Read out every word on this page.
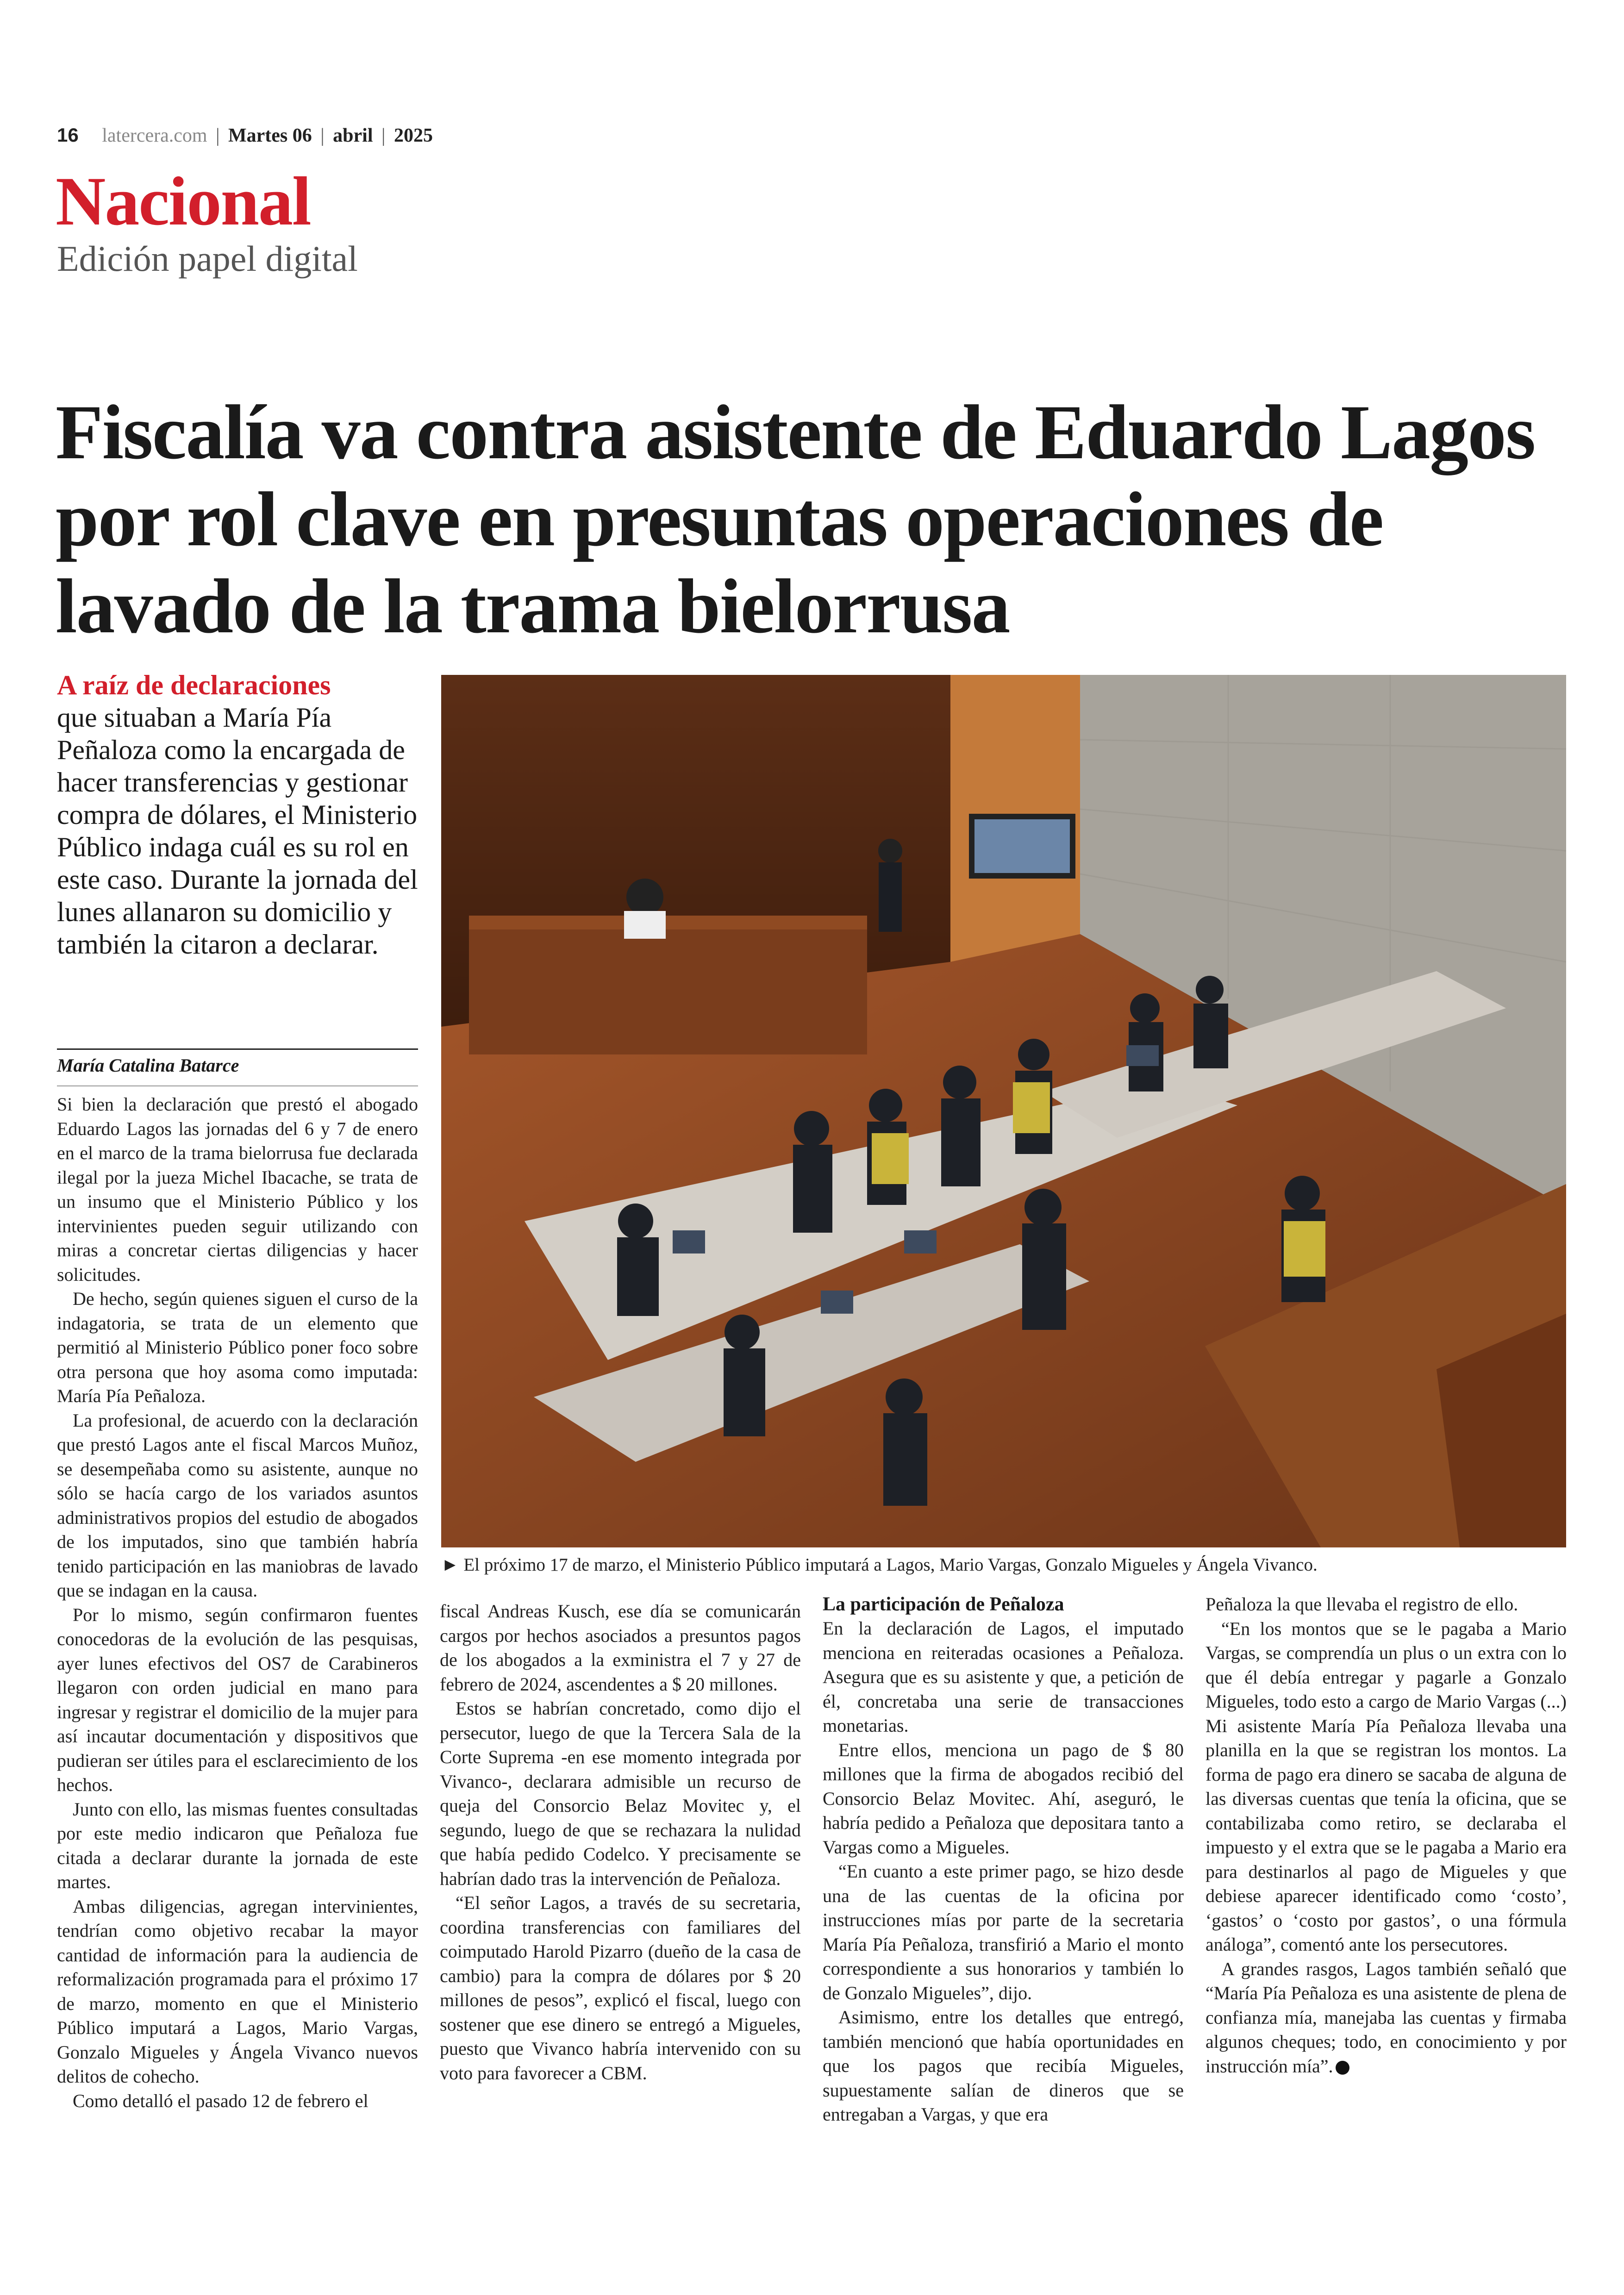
16 latercera.com | Martes 06 | abril | 2025
Nacional
Edición papel digital
Fiscalía va contra asistente de Eduardo Lagos por rol clave en presuntas operaciones de lavado de la trama bielorrusa
A raíz de declaraciones
que situaban a María Pía Peñaloza como la encargada de hacer transferencias y gestionar compra de dólares, el Ministerio Público indaga cuál es su rol en este caso. Durante la jornada del lunes allanaron su domicilio y también la citaron a declarar.
María Catalina Batarce

Si bien la declaración que prestó el abogado Eduardo Lagos las jornadas del 6 y 7 de enero en el marco de la trama bielorrusa fue declarada ilegal por la jueza Michel Ibacache, se trata de un insumo que el Ministerio Público y los intervinientes pueden seguir utilizando con miras a concretar ciertas diligencias y hacer solicitudes.

De hecho, según quienes siguen el curso de la indagatoria, se trata de un elemento que permitió al Ministerio Público poner foco sobre otra persona que hoy asoma como imputada: María Pía Peñaloza.

La profesional, de acuerdo con la declaración que prestó Lagos ante el fiscal Marcos Muñoz, se desempeñaba como su asistente, aunque no sólo se hacía cargo de los variados asuntos administrativos propios del estudio de abogados de los imputados, sino que también habría tenido participación en las maniobras de lavado que se indagan en la causa.

Por lo mismo, según confirmaron fuentes conocedoras de la evolución de las pesquisas, ayer lunes efectivos del OS7 de Carabineros llegaron con orden judicial en mano para ingresar y registrar el domicilio de la mujer para así incautar documentación y dispositivos que pudieran ser útiles para el esclarecimiento de los hechos.

Junto con ello, las mismas fuentes consultadas por este medio indicaron que Peñaloza fue citada a declarar durante la jornada de este martes.

Ambas diligencias, agregan intervinientes, tendrían como objetivo recabar la mayor cantidad de información para la audiencia de reformalización programada para el próximo 17 de marzo, momento en que el Ministerio Público imputará a Lagos, Mario Vargas, Gonzalo Migueles y Ángela Vivanco nuevos delitos de cohecho.

Como detalló el pasado 12 de febrero el

► El próximo 17 de marzo, el Ministerio Público imputará a Lagos, Mario Vargas, Gonzalo Migueles y Ángela Vivanco.

fiscal Andreas Kusch, ese día se comunicarán cargos por hechos asociados a presuntos pagos de los abogados a la exministra el 7 y 27 de febrero de 2024, ascendentes a $ 20 millones.

Estos se habrían concretado, como dijo el persecutor, luego de que la Tercera Sala de la Corte Suprema -en ese momento integrada por Vivanco-, declarara admisible un recurso de queja del Consorcio Belaz Movitec y, el segundo, luego de que se rechazara la nulidad que había pedido Codelco. Y precisamente se habrían dado tras la intervención de Peñaloza.

“El señor Lagos, a través de su secretaria, coordina transferencias con familiares del coimputado Harold Pizarro (dueño de la casa de cambio) para la compra de dólares por $ 20 millones de pesos”, explicó el fiscal, luego con sostener que ese dinero se entregó a Migueles, puesto que Vivanco habría intervenido con su voto para favorecer a CBM.

La participación de Peñaloza

En la declaración de Lagos, el imputado menciona en reiteradas ocasiones a Peñaloza. Asegura que es su asistente y que, a petición de él, concretaba una serie de transacciones monetarias.

Entre ellos, menciona un pago de $ 80 millones que la firma de abogados recibió del Consorcio Belaz Movitec. Ahí, aseguró, le habría pedido a Peñaloza que depositara tanto a Vargas como a Migueles.

“En cuanto a este primer pago, se hizo desde una de las cuentas de la oficina por instrucciones mías por parte de la secretaria María Pía Peñaloza, transfirió a Mario el monto correspondiente a sus honorarios y también lo de Gonzalo Migueles”, dijo.

Asimismo, entre los detalles que entregó, también mencionó que había oportunidades en que los pagos que recibía Migueles, supuestamente salían de dineros que se entregaban a Vargas, y que era

Peñaloza la que llevaba el registro de ello.

“En los montos que se le pagaba a Mario Vargas, se comprendía un plus o un extra con lo que él debía entregar y pagarle a Gonzalo Migueles, todo esto a cargo de Mario Vargas (...) Mi asistente María Pía Peñaloza llevaba una planilla en la que se registran los montos. La forma de pago era dinero se sacaba de alguna de las diversas cuentas que tenía la oficina, que se contabilizaba como retiro, se declaraba el impuesto y el extra que se le pagaba a Mario era para destinarlos al pago de Migueles y que debiese aparecer identificado como ‘costo’, ‘gastos’ o ‘costo por gastos’, o una fórmula análoga”, comentó ante los persecutores.

A grandes rasgos, Lagos también señaló que “María Pía Peñaloza es una asistente de plena de confianza mía, manejaba las cuentas y firmaba algunos cheques; todo, en conocimiento y por instrucción mía”.
